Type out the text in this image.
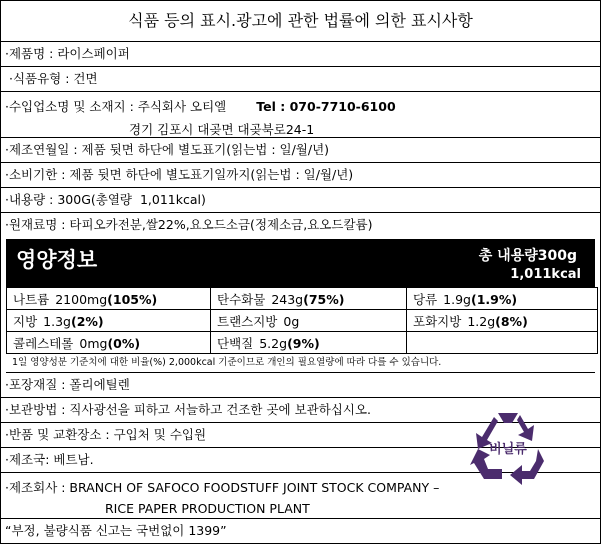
식품 등의 표시.광고에 관한 법률에 의한 표시사항
·제품명 : 라이스페이퍼
·식품유형 : 건면
·수입업소명 및 소재지 : 주식회사 오티엘 Tel : 070-7710-6100
경기 김포시 대곶면 대곶북로24-1
·제조연월일 : 제품 뒷면 하단에 별도표기(읽는법 : 일/월/년)
·소비기한 : 제품 뒷면 하단에 별도표기일까지(읽는법 : 일/월/년)
·내용량 : 300G(총열량  1,011kcal)
·원재료명 : 타피오카전분,쌀22%,요오드소금(정제소금,요오드칼륨)
영양정보	총 내용량300g
1,011kcal
나트륨 2100mg(105%)	탄수화물 243g(75%)	당류 1.9g(1.9%)
지방 1.3g(2%)	트랜스지방 0g	포화지방 1.2g(8%)
콜레스테롤 0mg(0%)	단백질 5.2g(9%)	
1일 영양성분 기준치에 대한 비율(%) 2,000kcal 기준이므로 개인의 필요열량에 따라 다를 수 있습니다.
·포장재질 : 폴리에틸렌
·보관방법 : 직사광선을 피하고 서늘하고 건조한 곳에 보관하십시오.
·반품 및 교환장소 : 구입처 및 수입원
·제조국: 베트남.
·제조회사 : BRANCH OF SAFOCO FOODSTUFF JOINT STOCK COMPANY –
RICE PAPER PRODUCTION PLANT
“부정, 불량식품 신고는 국번없이 1399”
비닐류
